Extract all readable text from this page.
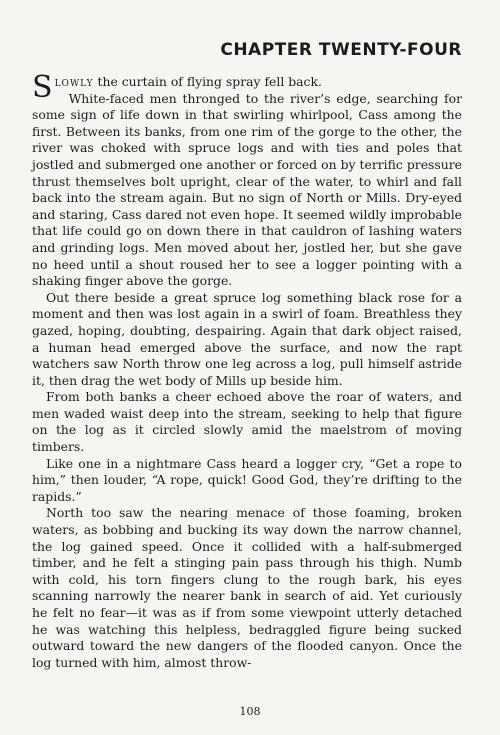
CHAPTER TWENTY-FOUR

Slowly the curtain of flying spray fell back.

White-faced men thronged to the river’s edge, searching for some sign of life down in that swirling whirlpool, Cass among the first. Between its banks, from one rim of the gorge to the other, the river was choked with spruce logs and with ties and poles that jostled and submerged one another or forced on by terrific pressure thrust themselves bolt upright, clear of the water, to whirl and fall back into the stream again. But no sign of North or Mills. Dry-eyed and staring, Cass dared not even hope. It seemed wildly improbable that life could go on down there in that cauldron of lashing waters and grinding logs. Men moved about her, jostled her, but she gave no heed until a shout roused her to see a logger pointing with a shaking finger above the gorge.

Out there beside a great spruce log something black rose for a moment and then was lost again in a swirl of foam. Breathless they gazed, hoping, doubting, despairing. Again that dark object raised, a human head emerged above the surface, and now the rapt watchers saw North throw one leg across a log, pull himself astride it, then drag the wet body of Mills up beside him.

From both banks a cheer echoed above the roar of waters, and men waded waist deep into the stream, seeking to help that figure on the log as it circled slowly amid the maelstrom of moving timbers.

Like one in a nightmare Cass heard a logger cry, “Get a rope to him,” then louder, “A rope, quick! Good God, they’re drifting to the rapids.”

North too saw the nearing menace of those foaming, broken waters, as bobbing and bucking its way down the narrow channel, the log gained speed. Once it collided with a half-submerged timber, and he felt a stinging pain pass through his thigh. Numb with cold, his torn fingers clung to the rough bark, his eyes scanning narrowly the nearer bank in search of aid. Yet curiously he felt no fear—it was as if from some viewpoint utterly detached he was watching this helpless, bedraggled figure being sucked outward toward the new dangers of the flooded canyon. Once the log turned with him, almost throw-

108
